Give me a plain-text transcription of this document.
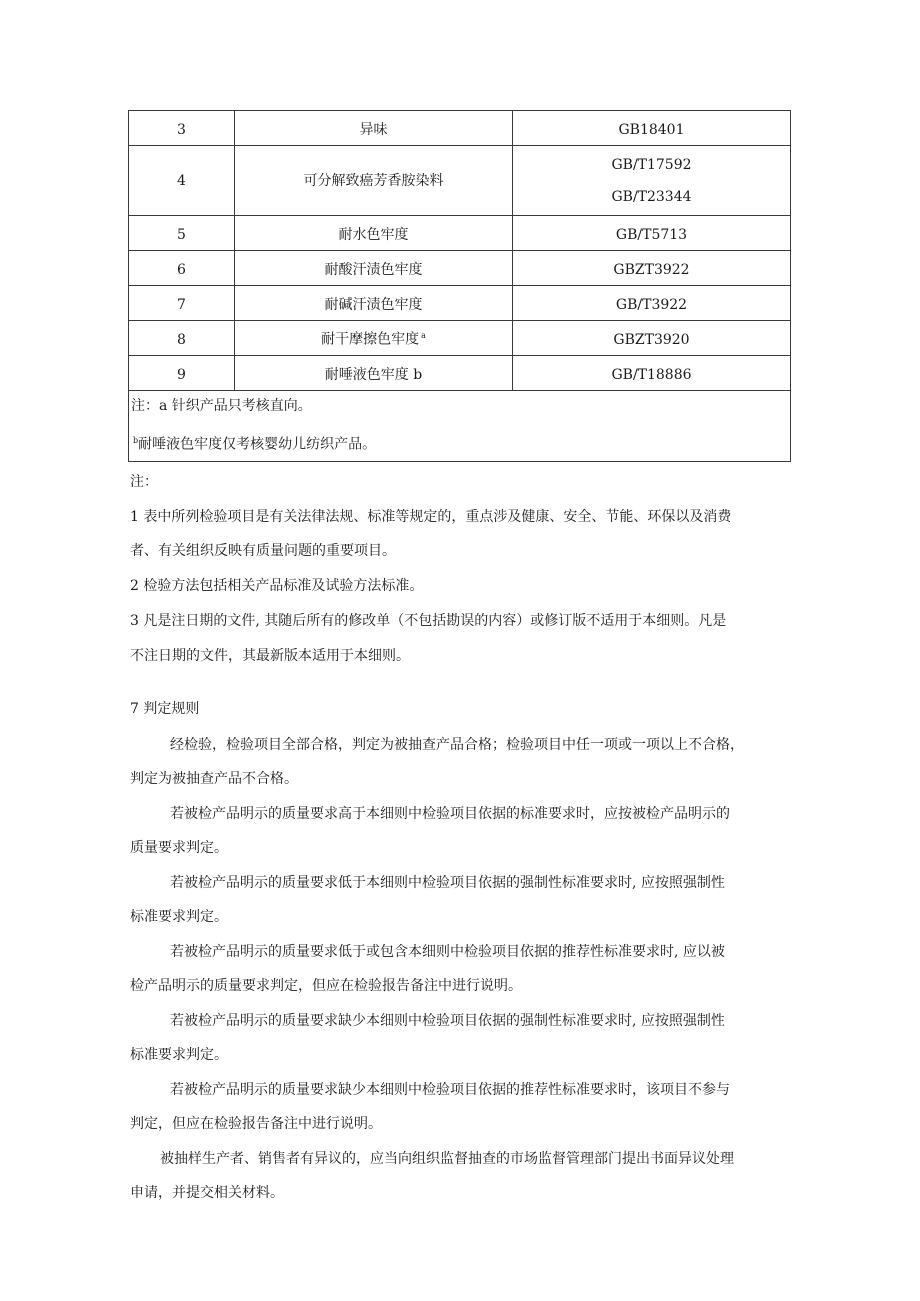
3	异味	GB18401

4	可分解致癌芳香胺染料	GB/T17592
GB/T23344

5	耐水色牢度	GB/T5713

6	耐酸汗渍色牢度	GBZT3922

7	耐碱汗渍色牢度	GB/T3922

8	耐干摩擦色牢度 $^a$	GBZT3920

9	耐唾液色牢度 b	GB/T18886

注：a 针织产品只考核直向。
$^b$耐唾液色牢度仅考核婴幼儿纺织产品。		
注：
1 表中所列检验项目是有关法律法规、标准等规定的，重点涉及健康、安全、节能、环保以及消费
者、有关组织反映有质量问题的重要项目。
2 检验方法包括相关产品标准及试验方法标准。
3 凡是注日期的文件, 其随后所有的修改单（不包括勘误的内容）或修订版不适用于本细则。凡是
不注日期的文件，其最新版本适用于本细则。
7 判定规则
经检验，检验项目全部合格，判定为被抽查产品合格；检验项目中任一项或一项以上不合格，
判定为被抽查产品不合格。
若被检产品明示的质量要求高于本细则中检验项目依据的标准要求时，应按被检产品明示的
质量要求判定。
若被检产品明示的质量要求低于本细则中检验项目依据的强制性标准要求时, 应按照强制性
标准要求判定。
若被检产品明示的质量要求低于或包含本细则中检验项目依据的推荐性标准要求时, 应以被
检产品明示的质量要求判定，但应在检验报告备注中进行说明。
若被检产品明示的质量要求缺少本细则中检验项目依据的强制性标准要求时, 应按照强制性
标准要求判定。
若被检产品明示的质量要求缺少本细则中检验项目依据的推荐性标准要求时，该项目不参与
判定，但应在检验报告备注中进行说明。
被抽样生产者、销售者有异议的，应当向组织监督抽查的市场监督管理部门提出书面异议处理
申请，并提交相关材料。
